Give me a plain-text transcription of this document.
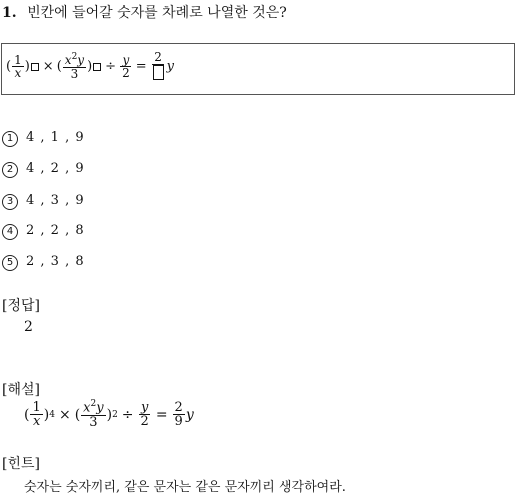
1. 빈칸에 들어갈 숫자를 차례로 나열한 것은?
( $\frac{1}{x}$ ) × ( $\frac{x^2y}{3}$ ) ÷ $\frac{y}{2}$ =
2
y
1 4 , 1 , 9
2 4 , 2 , 9
3 4 , 3 , 9
4 2 , 2 , 8
5 2 , 3 , 8
[정답]
2
[해설]
( $\frac{1}{x}$ ) 4 × ( $\frac{x^2y}{3}$ ) $2 \div \frac{y}{2} = \frac{2}{9}$ y
[힌트]
숫자는 숫자끼리, 같은 문자는 같은 문자끼리 생각하여라.
